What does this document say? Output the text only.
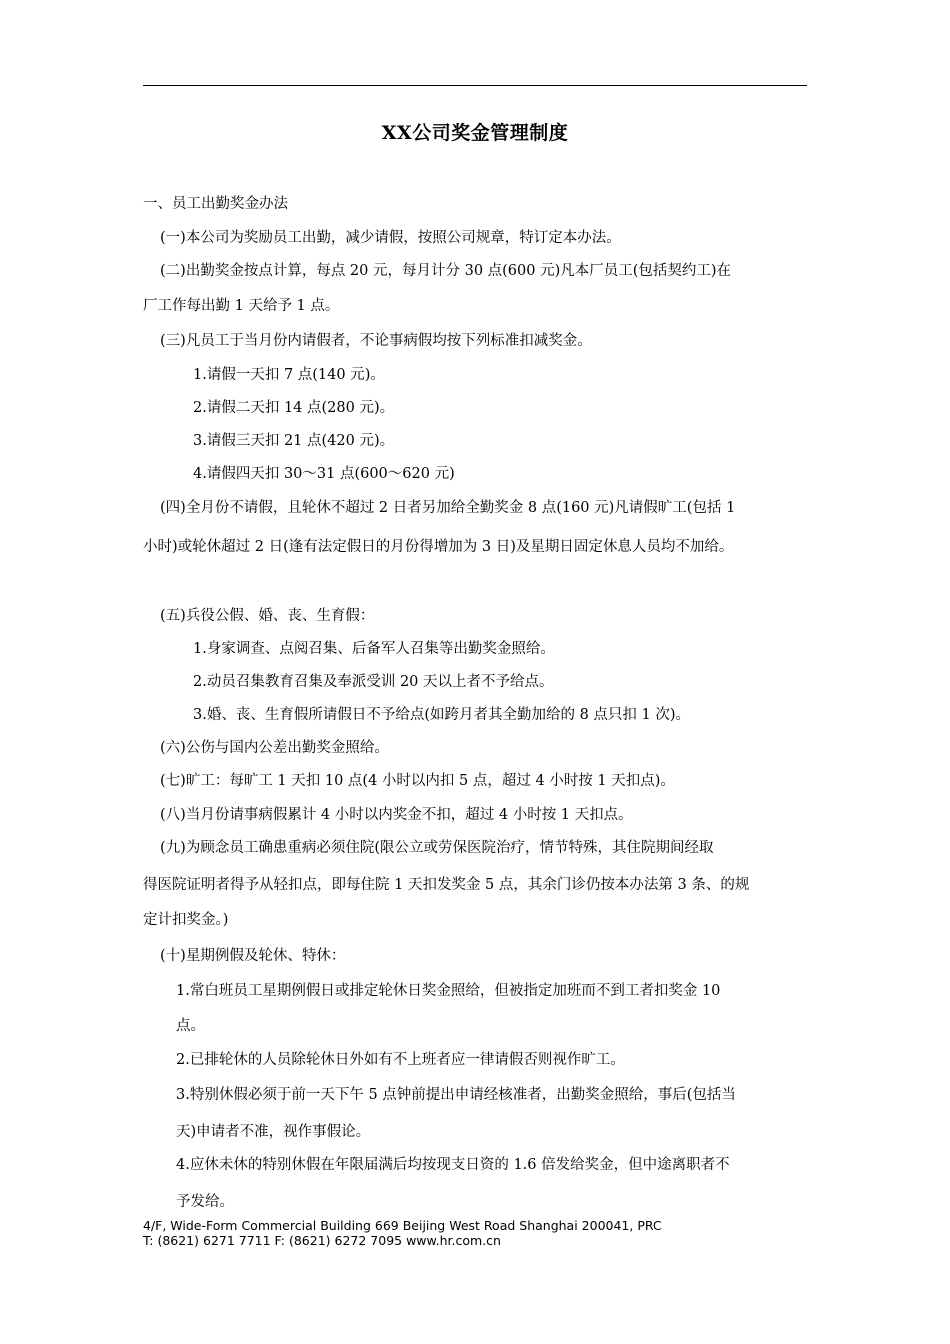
XX公司奖金管理制度
一、员工出勤奖金办法
(一)本公司为奖励员工出勤，减少请假，按照公司规章，特订定本办法。
(二)出勤奖金按点计算，每点 20 元，每月计分 30 点(600 元)凡本厂员工(包括契约工)在
厂工作每出勤 1 天给予 1 点。
(三)凡员工于当月份内请假者，不论事病假均按下列标准扣减奖金。
1.请假一天扣 7 点(140 元)。
2.请假二天扣 14 点(280 元)。
3.请假三天扣 21 点(420 元)。
4.请假四天扣 30～31 点(600～620 元)
(四)全月份不请假，且轮休不超过 2 日者另加给全勤奖金 8 点(160 元)凡请假旷工(包括 1
小时)或轮休超过 2 日(逢有法定假日的月份得增加为 3 日)及星期日固定休息人员均不加给。
(五)兵役公假、婚、丧、生育假：
1.身家调查、点阅召集、后备军人召集等出勤奖金照给。
2.动员召集教育召集及奉派受训 20 天以上者不予给点。
3.婚、丧、生育假所请假日不予给点(如跨月者其全勤加给的 8 点只扣 1 次)。
(六)公伤与国内公差出勤奖金照给。
(七)旷工：每旷工 1 天扣 10 点(4 小时以内扣 5 点，超过 4 小时按 1 天扣点)。
(八)当月份请事病假累计 4 小时以内奖金不扣，超过 4 小时按 1 天扣点。
(九)为顾念员工确患重病必须住院(限公立或劳保医院治疗，情节特殊，其住院期间经取
得医院证明者得予从轻扣点，即每住院 1 天扣发奖金 5 点，其余门诊仍按本办法第 3 条、的规
定计扣奖金。)
(十)星期例假及轮休、特休：
1.常白班员工星期例假日或排定轮休日奖金照给，但被指定加班而不到工者扣奖金 10
点。
2.已排轮休的人员除轮休日外如有不上班者应一律请假否则视作旷工。
3.特别休假必须于前一天下午 5 点钟前提出申请经核准者，出勤奖金照给，事后(包括当
天)申请者不准，视作事假论。
4.应休未休的特别休假在年限届满后均按现支日资的 1.6 倍发给奖金，但中途离职者不
予发给。
4/F, Wide-Form Commercial Building 669 Beijing West Road Shanghai 200041, PRC
T: (8621) 6271 7711 F: (8621) 6272 7095 www.hr.com.cn
